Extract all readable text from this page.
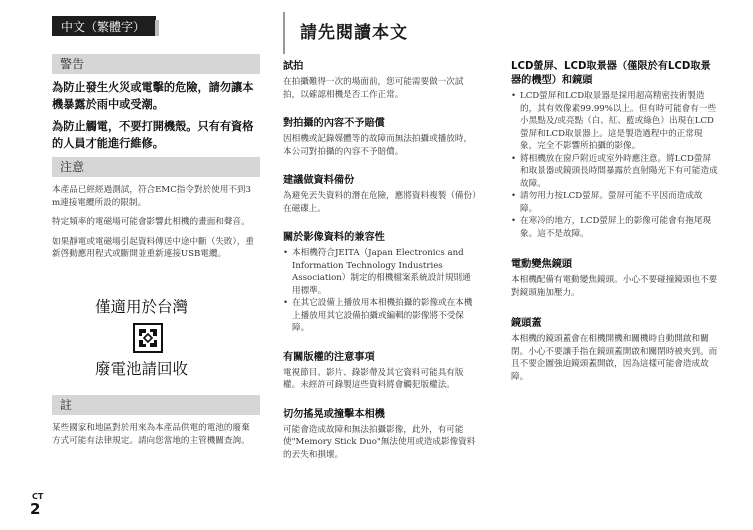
中文（繁體字）	請先閱讀本文
警告

為防止發生火災或電擊的危險，請勿讓本機暴露於雨中或受潮。

為防止觸電，不要打開機殼。只有有資格的人員才能進行維修。

注意

本產品已經經過測試，符合EMC指令對於使用不到3 m連接電纜所設的限制。

特定頻率的電磁場可能會影響此相機的畫面和聲音。

如果靜電或電磁場引起資料傳送中途中斷（失敗），重新啓動應用程式或斷開並重新連接USB電纜。

僅適用於台灣
廢電池請回收
註
某些國家和地區對於用來為本產品供電的電池的廢棄方式可能有法律規定。請向您當地的主管機關查詢。
試拍

在拍攝難得一次的場面前，您可能需要做一次試拍，以確認相機是否工作正常。

對拍攝的內容不予賠償

因相機或記錄媒體等的故障而無法拍攝或播放時，本公司對拍攝的內容不予賠償。

建議做資料備份

為避免丟失資料的潛在危險，應將資料複製（備份）在磁碟上。

關於影像資料的兼容性
• 本相機符合JEITA（Japan Electronics and Information Technology Industries Association）制定的相機檔案系統設計規則通用標準。
• 在其它設備上播放用本相機拍攝的影像或在本機上播放用其它設備拍攝或編輯的影像將不受保障。
有關版權的注意事項

電視節目、影片、錄影帶及其它資料可能具有版權。未經許可錄製這些資料將會觸犯版權法。

切勿搖晃或撞擊本相機

可能會造成故障和無法拍攝影像，此外，有可能使"Memory Stick Duo"無法使用或造成影像資料的丟失和損壞。

LCD螢屏、LCD取景器（僅限於有LCD取景器的機型）和鏡頭
• LCD螢屏和LCD取景器是採用超高精密技術製造的，其有效像素99.99%以上。但有時可能會有一些小黑點及/或亮點（白、紅、藍或綠色）出現在LCD螢屏和LCD取景器上。這是製造過程中的正常現象，完全不影響所拍攝的影像。
• 將相機放在窗戶附近或室外時應注意。將LCD螢屏和取景器或鏡頭長時間暴露於直射陽光下有可能造成故障。
• 請勿用力按LCD螢屏。螢屏可能不平因而造成故障。
• 在寒冷的地方，LCD螢屏上的影像可能會有拖尾現象。這不是故障。
電動變焦鏡頭

本相機配備有電動變焦鏡頭。小心不要碰撞鏡頭也不要對鏡頭施加壓力。

鏡頭蓋

本相機的鏡頭蓋會在相機開機和關機時自動開啟和關閉。小心不要讓手指在鏡頭蓋開啟和關閉時被夾到。而且不要企圖強迫鏡頭蓋開啟，因為這樣可能會造成故障。

CT
2
